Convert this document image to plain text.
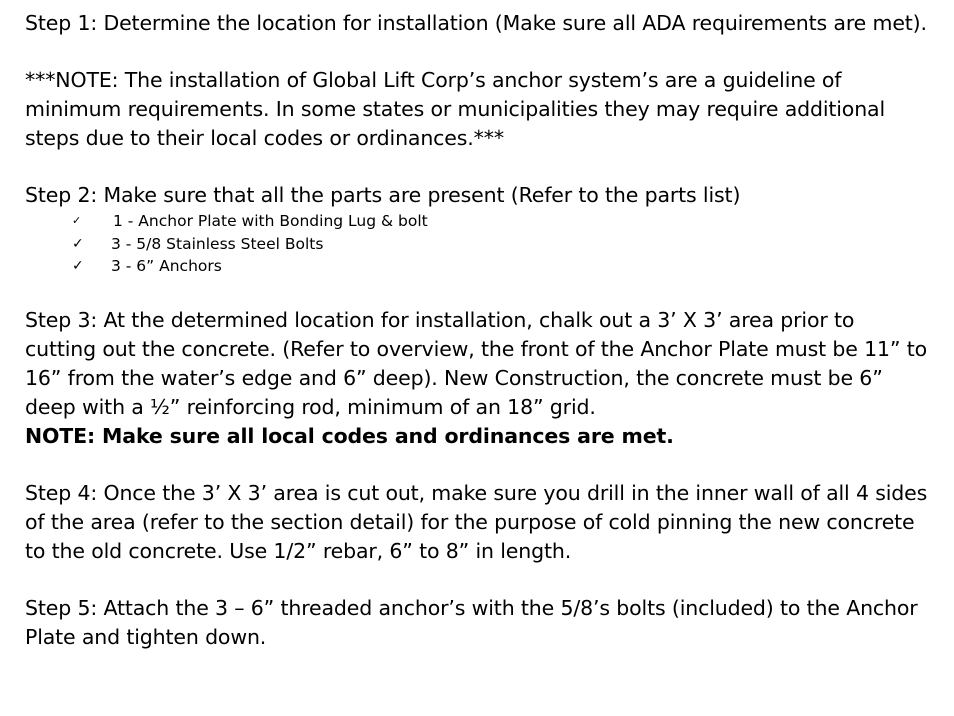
Step 1: Determine the location for installation (Make sure all ADA requirements are met).

***NOTE: The installation of Global Lift Corp’s anchor system’s are a guideline of minimum requirements. In some states or municipalities they may require additional steps due to their local codes or ordinances.***

Step 2: Make sure that all the parts are present (Refer to the parts list)

✓ 1 - Anchor Plate with Bonding Lug & bolt
✓ 3 - 5/8 Stainless Steel Bolts
✓ 3 - 6” Anchors

Step 3: At the determined location for installation, chalk out a 3’ X 3’ area prior to cutting out the concrete. (Refer to overview, the front of the Anchor Plate must be 11” to 16” from the water’s edge and 6” deep). New Construction, the concrete must be 6” deep with a ½” reinforcing rod, minimum of an 18” grid.

NOTE: Make sure all local codes and ordinances are met.

Step 4: Once the 3’ X 3’ area is cut out, make sure you drill in the inner wall of all 4 sides of the area (refer to the section detail) for the purpose of cold pinning the new concrete to the old concrete. Use 1/2” rebar, 6” to 8” in length.

Step 5: Attach the 3 – 6” threaded anchor’s with the 5/8’s bolts (included) to the Anchor Plate and tighten down.
